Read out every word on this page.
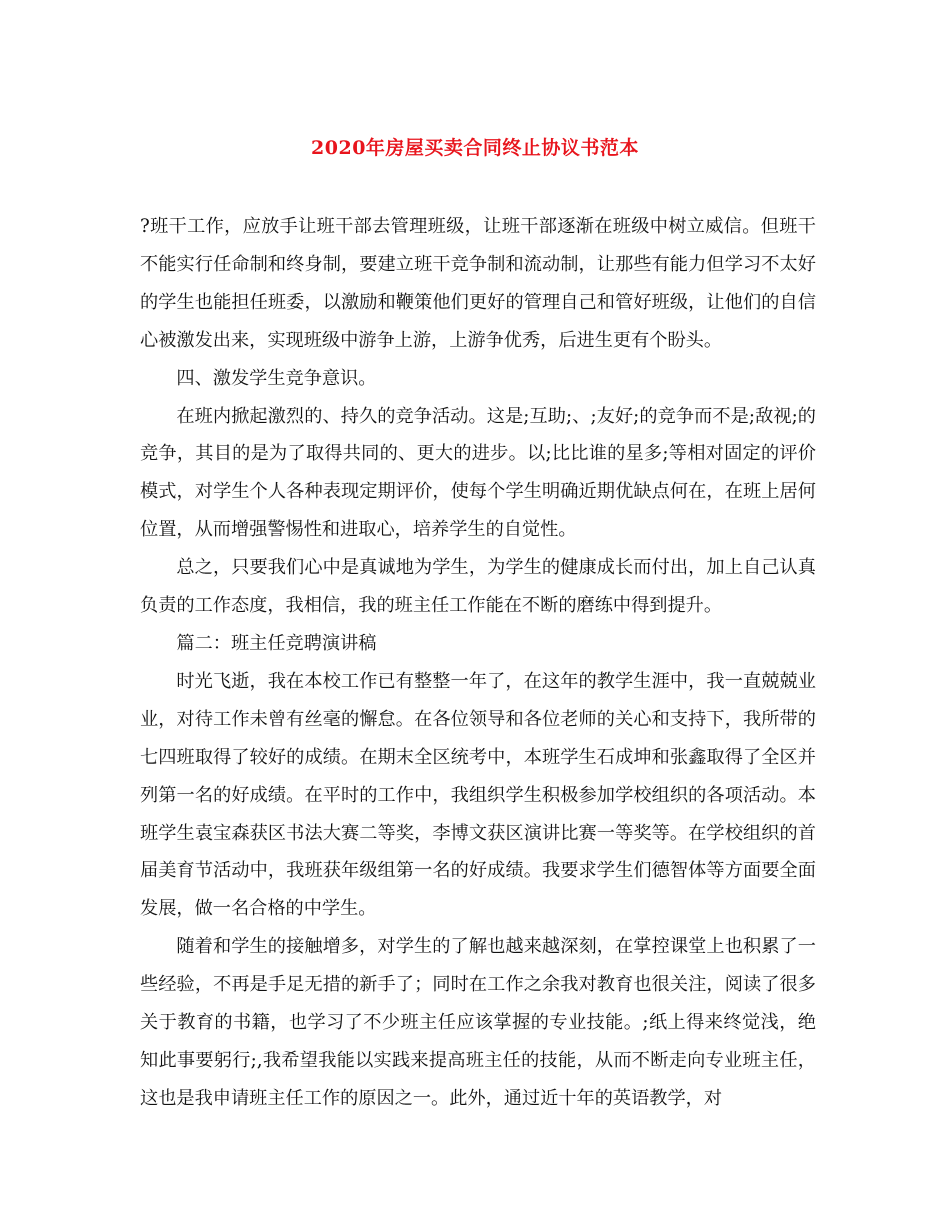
2020年房屋买卖合同终止协议书范本

?班干工作，应放手让班干部去管理班级，让班干部逐渐在班级中树立威信。但班干不能实行任命制和终身制，要建立班干竞争制和流动制，让那些有能力但学习不太好的学生也能担任班委，以激励和鞭策他们更好的管理自己和管好班级，让他们的自信心被激发出来，实现班级中游争上游，上游争优秀，后进生更有个盼头。

四、激发学生竞争意识。

在班内掀起激烈的、持久的竞争活动。这是;互助;、;友好;的竞争而不是;敌视;的竞争，其目的是为了取得共同的、更大的进步。以;比比谁的星多;等相对固定的评价模式，对学生个人各种表现定期评价，使每个学生明确近期优缺点何在，在班上居何位置，从而增强警惕性和进取心，培养学生的自觉性。

总之，只要我们心中是真诚地为学生，为学生的健康成长而付出，加上自己认真负责的工作态度，我相信，我的班主任工作能在不断的磨练中得到提升。

篇二：班主任竞聘演讲稿

时光飞逝，我在本校工作已有整整一年了，在这年的教学生涯中，我一直兢兢业业，对待工作未曾有丝毫的懈怠。在各位领导和各位老师的关心和支持下，我所带的七四班取得了较好的成绩。在期末全区统考中，本班学生石成坤和张鑫取得了全区并列第一名的好成绩。在平时的工作中，我组织学生积极参加学校组织的各项活动。本班学生袁宝森获区书法大赛二等奖，李博文获区演讲比赛一等奖等。在学校组织的首届美育节活动中，我班获年级组第一名的好成绩。我要求学生们德智体等方面要全面发展，做一名合格的中学生。

随着和学生的接触增多，对学生的了解也越来越深刻，在掌控课堂上也积累了一些经验，不再是手足无措的新手了；同时在工作之余我对教育也很关注，阅读了很多关于教育的书籍，也学习了不少班主任应该掌握的专业技能。;纸上得来终觉浅，绝知此事要躬行;,我希望我能以实践来提高班主任的技能，从而不断走向专业班主任，这也是我申请班主任工作的原因之一。此外，通过近十年的英语教学，对
